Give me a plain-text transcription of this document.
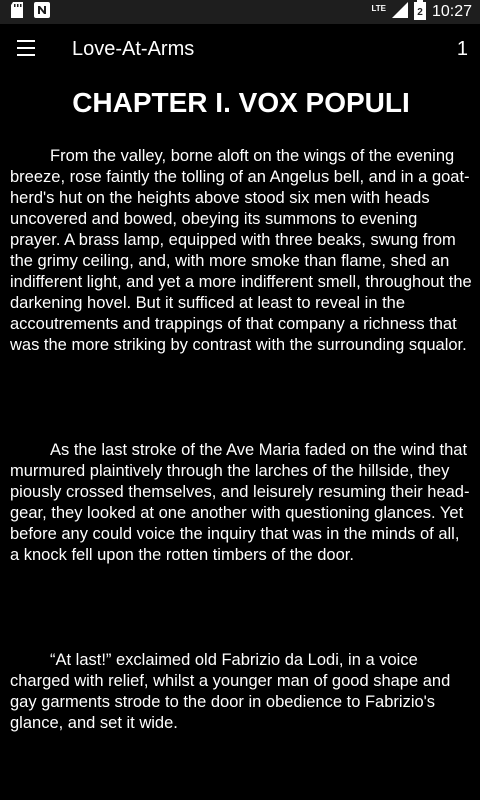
LTE	2 10:27
Love-At-Arms	1
CHAPTER I. VOX POPULI

From the valley, borne aloft on the wings of the evening breeze, rose faintly the tolling of an Angelus bell, and in a goat-herd's hut on the heights above stood six men with heads uncovered and bowed, obeying its summons to evening prayer. A brass lamp, equipped with three beaks, swung from the grimy ceiling, and, with more smoke than flame, shed an indifferent light, and yet a more indifferent smell, throughout the darkening hovel. But it sufficed at least to reveal in the accoutrements and trappings of that company a richness that was the more striking by contrast with the surrounding squalor.

As the last stroke of the Ave Maria faded on the wind that murmured plaintively through the larches of the hillside, they piously crossed themselves, and leisurely resuming their head-gear, they looked at one another with questioning glances. Yet before any could voice the inquiry that was in the minds of all, a knock fell upon the rotten timbers of the door.

“At last!” exclaimed old Fabrizio da Lodi, in a voice charged with relief, whilst a younger man of good shape and gay garments strode to the door in obedience to Fabrizio's glance, and set it wide.
